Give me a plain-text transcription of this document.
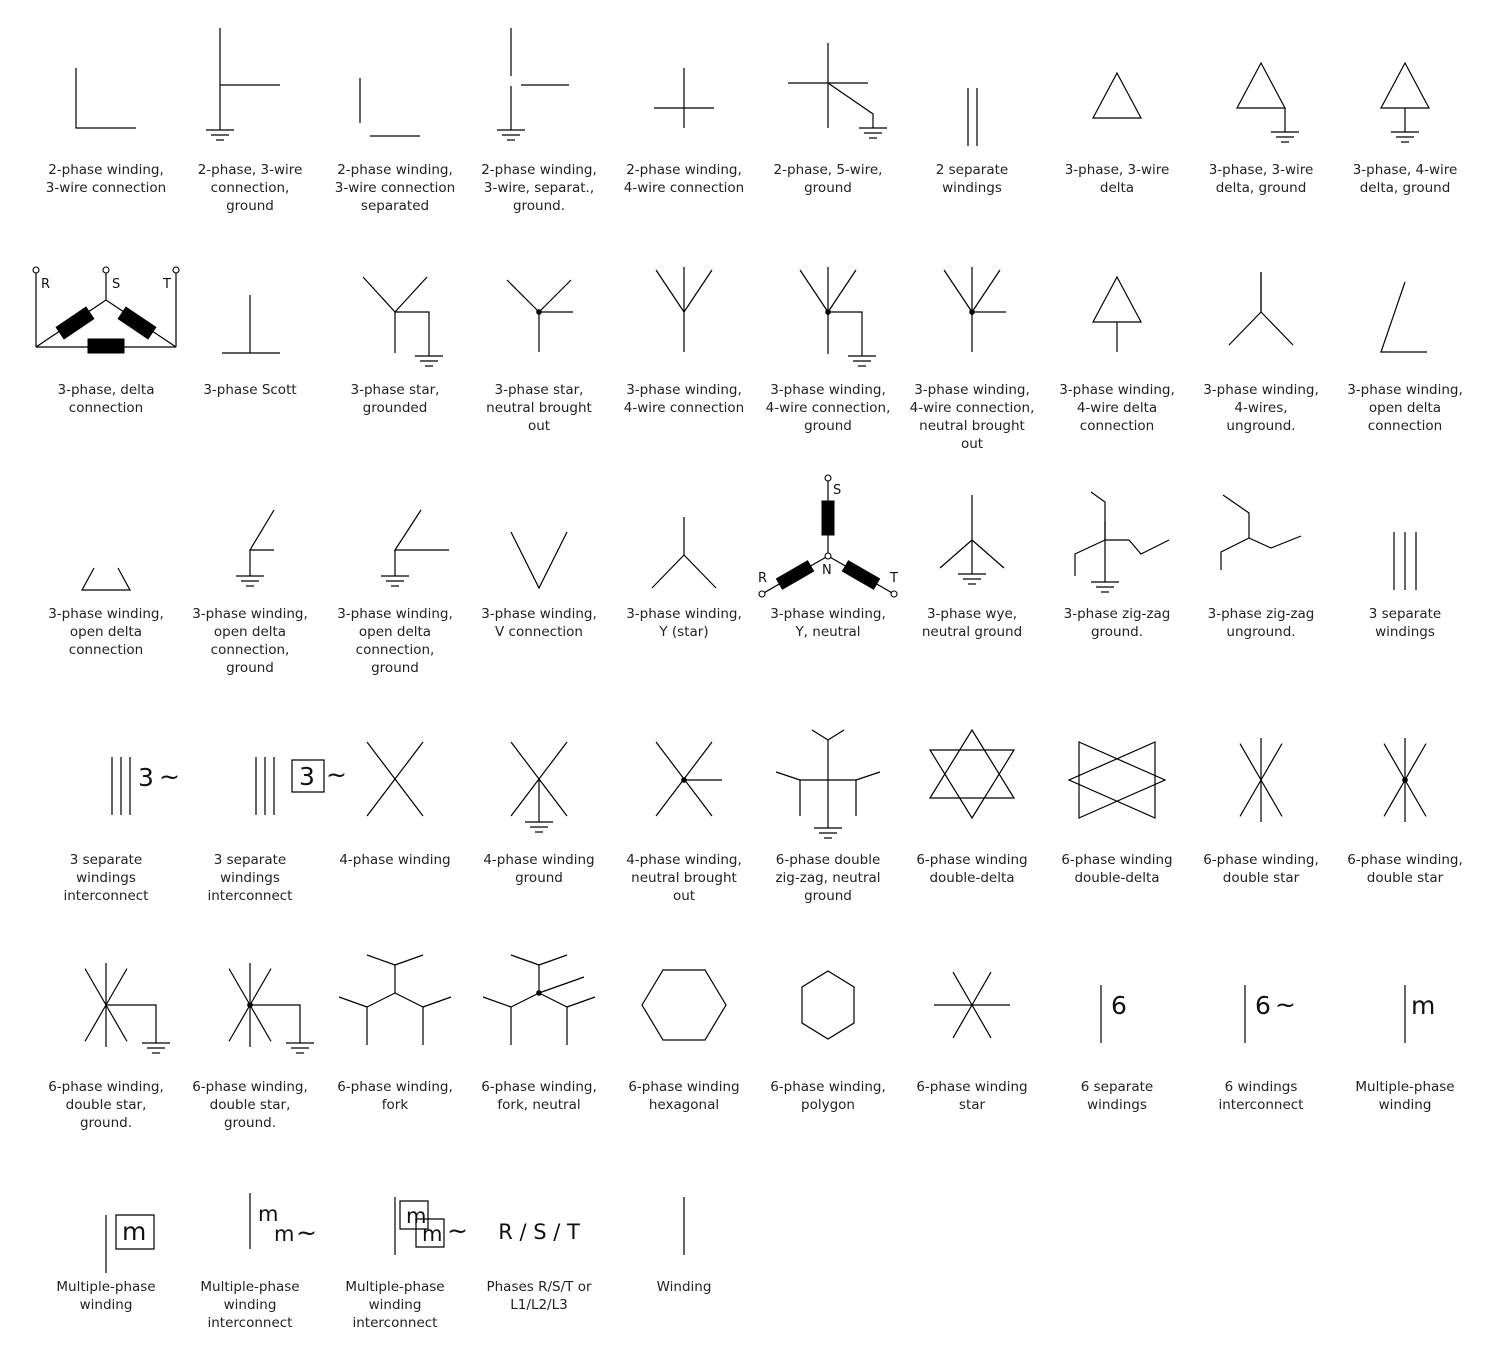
2-phase winding, 3-wire connection
2-phase, 3-wire connection, ground
2-phase winding, 3-wire connection separated
2-phase winding, 3-wire, separat., ground.
2-phase winding, 4-wire connection
2-phase, 5-wire, ground
2 separate windings
3-phase, 3-wire delta
3-phase, 3-wire delta, ground
3-phase, 4-wire delta, ground
R	S	T
3-phase, delta connection
3-phase Scott	3-phase star, grounded
3-phase star, neutral brought out
3-phase winding, 4-wire connection
3-phase winding, 4-wire connection, ground
3-phase winding, 4-wire connection, neutral brought out
3-phase winding, 4-wire delta connection
3-phase winding, 4-wires, unground.
3-phase winding, open delta connection
3-phase winding, open delta connection
3-phase winding, open delta connection, ground
3-phase winding, open delta connection, ground
3-phase winding, V connection
3-phase winding, Y (star)
S
R
N
T
3-phase winding, Y, neutral
3-phase wye, neutral ground
3-phase zig-zag ground.
3-phase zig-zag unground.
3 separate windings
3 ~
3 separate windings interconnect
3 ~
3 separate windings interconnect
4-phase winding 4-phase winding ground
4-phase winding, neutral brought out
6-phase double zig-zag, neutral ground
6-phase winding double-delta
6-phase winding double-delta
6-phase winding, double star
6-phase winding, double star
6-phase winding, double star, ground.
6-phase winding, double star, ground.
6-phase winding, fork
6-phase winding, fork, neutral
6-phase winding hexagonal
6-phase winding, polygon
6-phase winding star
6
6 separate windings
6 ~
6 windings interconnect
m
Multiple-phase winding
m
Multiple-phase winding
m
m ~
Multiple-phase winding interconnect
m
m ~
Multiple-phase winding interconnect
R / S / T
Phases R/S/T or L1/L2/L3
Winding
